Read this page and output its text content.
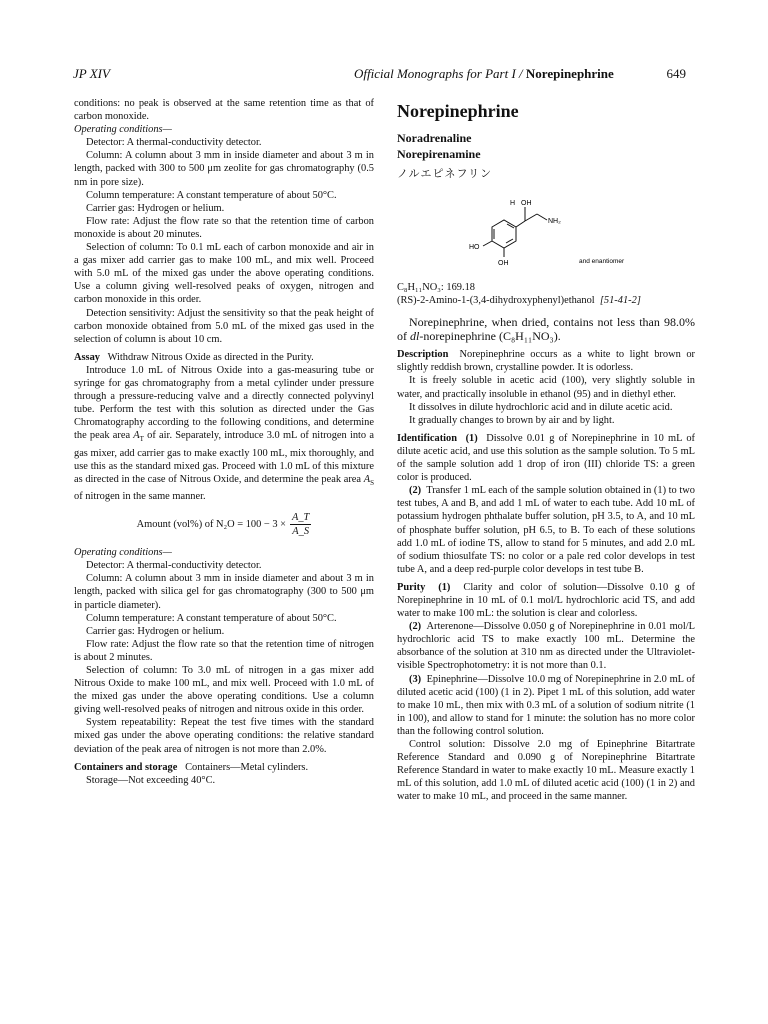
JP XIV	Official Monographs for Part I / Norepinephrine	649

conditions: no peak is observed at the same retention time as that of carbon monoxide.

Operating conditions—

Detector: A thermal-conductivity detector.

Column: A column about 3 mm in inside diameter and about 3 m in length, packed with 300 to 500 μm zeolite for gas chromatography (0.5 nm in pore size).

Column temperature: A constant temperature of about 50°C.

Carrier gas: Hydrogen or helium.

Flow rate: Adjust the flow rate so that the retention time of carbon monoxide is about 20 minutes.

Selection of column: To 0.1 mL each of carbon monoxide and air in a gas mixer add carrier gas to make 100 mL, and mix well. Proceed with 5.0 mL of the mixed gas under the above operating conditions. Use a column giving well-resolved peaks of oxygen, nitrogen and carbon monoxide in this order.

Detection sensitivity: Adjust the sensitivity so that the peak height of carbon monoxide obtained from 5.0 mL of the mixed gas used in the selection of column is about 10 cm.

Assay Withdraw Nitrous Oxide as directed in the Purity.

Introduce 1.0 mL of Nitrous Oxide into a gas-measuring tube or syringe for gas chromatography from a metal cylinder under pressure through a pressure-reducing valve and a directly connected polyvinyl tube. Perform the test with this solution as directed under the Gas Chromatography according to the following conditions, and determine the peak area $A_T$ of air. Separately, introduce 3.0 mL of nitrogen into a gas mixer, add carrier gas to make exactly 100 mL, mix thoroughly, and use this as the standard mixed gas. Proceed with 1.0 mL of this mixture as directed in the case of Nitrous Oxide, and determine the peak area $A_S$ of nitrogen in the same manner.

Amount (vol%) of $N_2O = 100 - 3 \times \frac{A\_T}{A\_S}$

Operating conditions—

Detector: A thermal-conductivity detector.

Column: A column about 3 mm in inside diameter and about 3 m in length, packed with silica gel for gas chromatography (300 to 500 μm in particle diameter).

Column temperature: A constant temperature of about 50°C.

Carrier gas: Hydrogen or helium.

Flow rate: Adjust the flow rate so that the retention time of nitrogen is about 2 minutes.

Selection of column: To 3.0 mL of nitrogen in a gas mixer add Nitrous Oxide to make 100 mL, and mix well. Proceed with 1.0 mL of the mixed gas under the above operating conditions. Use a column giving well-resolved peaks of nitrogen and nitrous oxide in this order.

System repeatability: Repeat the test five times with the standard mixed gas under the above operating conditions: the relative standard deviation of the peak area of nitrogen is not more than 2.0%.

Containers and storage Containers—Metal cylinders.

Storage—Not exceeding 40°C.

Norepinephrine
Noradrenaline
Norepirenamine
ノルエピネフリン
H OH
NH₂
HO
OH	and enantiomer

C₈H₁₁NO₃: 169.18

(RS)-2-Amino-1-(3,4-dihydroxyphenyl)ethanol [51-41-2]

Norepinephrine, when dried, contains not less than 98.0% of dl-norepinephrine (C₈H₁₁NO₃).

Description Norepinephrine occurs as a white to light brown or slightly reddish brown, crystalline powder. It is odorless.

It is freely soluble in acetic acid (100), very slightly soluble in water, and practically insoluble in ethanol (95) and in diethyl ether.

It dissolves in dilute hydrochloric acid and in dilute acetic acid.

It gradually changes to brown by air and by light.

Identification (1) Dissolve 0.01 g of Norepinephrine in 10 mL of dilute acetic acid, and use this solution as the sample solution. To 5 mL of the sample solution add 1 drop of iron (III) chloride TS: a green color is produced.

(2) Transfer 1 mL each of the sample solution obtained in (1) to two test tubes, A and B, and add 1 mL of water to each tube. Add 10 mL of potassium hydrogen phthalate buffer solution, pH 3.5, to A, and 10 mL of phosphate buffer solution, pH 6.5, to B. To each of these solutions add 1.0 mL of iodine TS, allow to stand for 5 minutes, and add 2.0 mL of sodium thiosulfate TS: no color or a pale red color develops in test tube A, and a deep red-purple color develops in test tube B.

Purity (1) Clarity and color of solution—Dissolve 0.10 g of Norepinephrine in 10 mL of 0.1 mol/L hydrochloric acid TS, and add water to make 100 mL: the solution is clear and colorless.

(2) Arterenone—Dissolve 0.050 g of Norepinephrine in 0.01 mol/L hydrochloric acid TS to make exactly 100 mL. Determine the absorbance of the solution at 310 nm as directed under the Ultraviolet-visible Spectrophotometry: it is not more than 0.1.

(3) Epinephrine—Dissolve 10.0 mg of Norepinephrine in 2.0 mL of diluted acetic acid (100) (1 in 2). Pipet 1 mL of this solution, add water to make 10 mL, then mix with 0.3 mL of a solution of sodium nitrite (1 in 100), and allow to stand for 1 minute: the solution has no more color than the following control solution.

Control solution: Dissolve 2.0 mg of Epinephrine Bitartrate Reference Standard and 0.090 g of Norepinephrine Bitartrate Reference Standard in water to make exactly 10 mL. Measure exactly 1 mL of this solution, add 1.0 mL of diluted acetic acid (100) (1 in 2) and water to make 10 mL, and proceed in the same manner.
